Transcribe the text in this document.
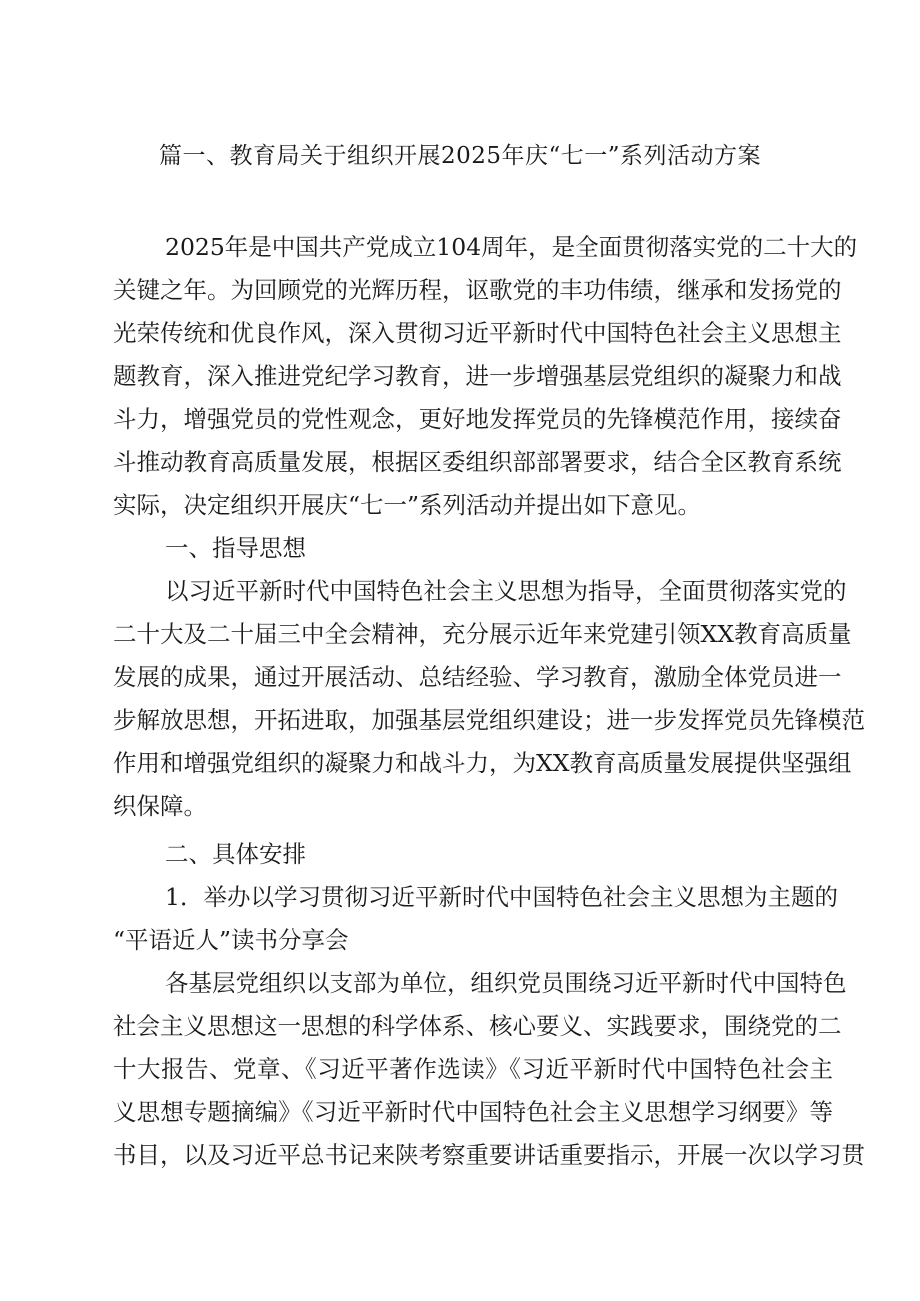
篇一、教育局关于组织开展2025年庆“七一”系列活动方案
2025年是中国共产党成立104周年，是全面贯彻落实党的二十大的
关键之年。为回顾党的光辉历程，讴歌党的丰功伟绩，继承和发扬党的
光荣传统和优良作风，深入贯彻习近平新时代中国特色社会主义思想主
题教育，深入推进党纪学习教育，进一步增强基层党组织的凝聚力和战
斗力，增强党员的党性观念，更好地发挥党员的先锋模范作用，接续奋
斗推动教育高质量发展，根据区委组织部部署要求，结合全区教育系统
实际，决定组织开展庆“七一”系列活动并提出如下意见。
一、指导思想
以习近平新时代中国特色社会主义思想为指导，全面贯彻落实党的
二十大及二十届三中全会精神，充分展示近年来党建引领XX教育高质量
发展的成果，通过开展活动、总结经验、学习教育，激励全体党员进一
步解放思想，开拓进取，加强基层党组织建设；进一步发挥党员先锋模范
作用和增强党组织的凝聚力和战斗力，为XX教育高质量发展提供坚强组
织保障。
二、具体安排
1．举办以学习贯彻习近平新时代中国特色社会主义思想为主题的
“平语近人”读书分享会
各基层党组织以支部为单位，组织党员围绕习近平新时代中国特色
社会主义思想这一思想的科学体系、核心要义、实践要求，围绕党的二
十大报告、党章、《习近平著作选读》《习近平新时代中国特色社会主
义思想专题摘编》《习近平新时代中国特色社会主义思想学习纲要》等
书目，以及习近平总书记来陕考察重要讲话重要指示，开展一次以学习贯
